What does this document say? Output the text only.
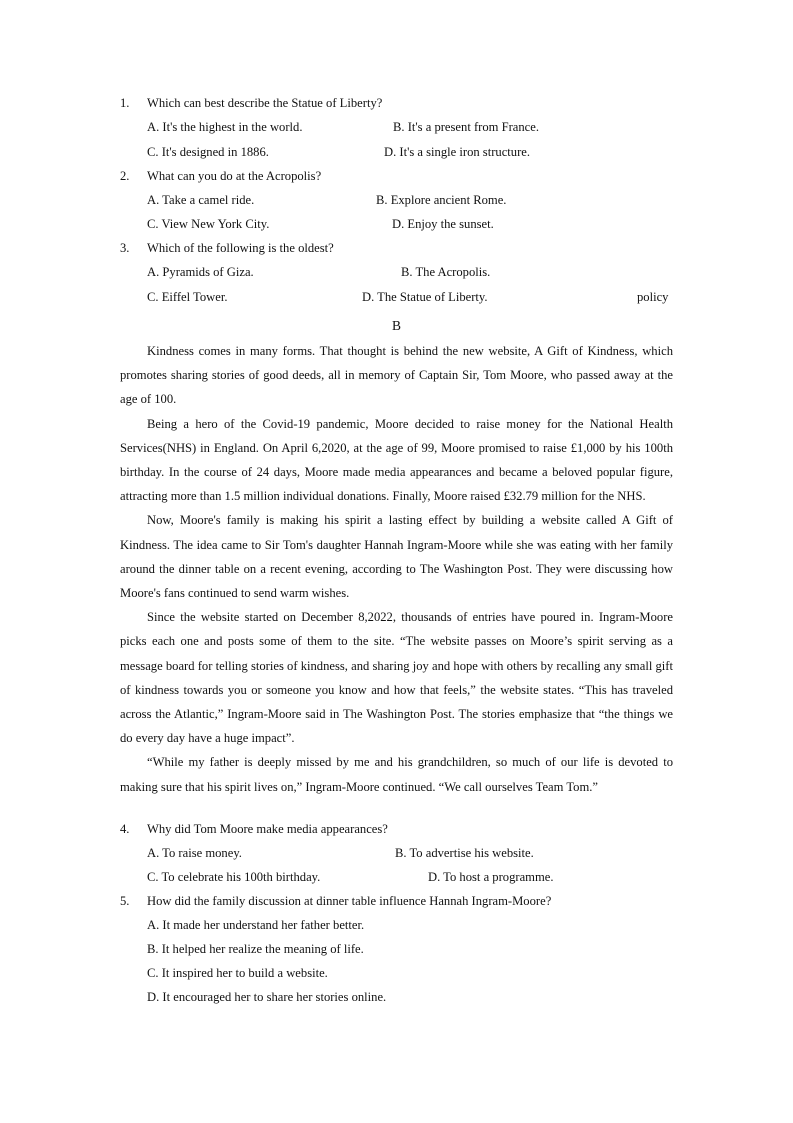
1. Which can best describe the Statue of Liberty?
A. It's the highest in the world.	B. It's a present from France.
C. It's designed in 1886.	D. It's a single iron structure.
2. What can you do at the Acropolis?
A. Take a camel ride.	B. Explore ancient Rome.
C. View New York City.	D. Enjoy the sunset.
3. Which of the following is the oldest?
A. Pyramids of Giza.	B. The Acropolis.
C. Eiffel Tower.	D. The Statue of Liberty.	policy
B

Kindness comes in many forms. That thought is behind the new website, A Gift of Kindness, which promotes sharing stories of good deeds, all in memory of Captain Sir, Tom Moore, who passed away at the age of 100.

Being a hero of the Covid-19 pandemic, Moore decided to raise money for the National Health Services(NHS) in England. On April 6,2020, at the age of 99, Moore promised to raise £1,000 by his 100th birthday. In the course of 24 days, Moore made media appearances and became a beloved popular figure, attracting more than 1.5 million individual donations. Finally, Moore raised £32.79 million for the NHS.

Now, Moore's family is making his spirit a lasting effect by building a website called A Gift of Kindness. The idea came to Sir Tom's daughter Hannah Ingram-Moore while she was eating with her family around the dinner table on a recent evening, according to The Washington Post. They were discussing how Moore's fans continued to send warm wishes.

Since the website started on December 8,2022, thousands of entries have poured in. Ingram-Moore picks each one and posts some of them to the site. “The website passes on Moore’s spirit serving as a message board for telling stories of kindness, and sharing joy and hope with others by recalling any small gift of kindness towards you or someone you know and how that feels,” the website states. “This has traveled across the Atlantic,” Ingram-Moore said in The Washington Post. The stories emphasize that “the things we do every day have a huge impact”.

“While my father is deeply missed by me and his grandchildren, so much of our life is devoted to making sure that his spirit lives on,” Ingram-Moore continued. “We call ourselves Team Tom.”

4. Why did Tom Moore make media appearances?
A. To raise money.	B. To advertise his website.
C. To celebrate his 100th birthday.	D. To host a programme.
5. How did the family discussion at dinner table influence Hannah Ingram-Moore?
A. It made her understand her father better.
B. It helped her realize the meaning of life.
C. It inspired her to build a website.
D. It encouraged her to share her stories online.
